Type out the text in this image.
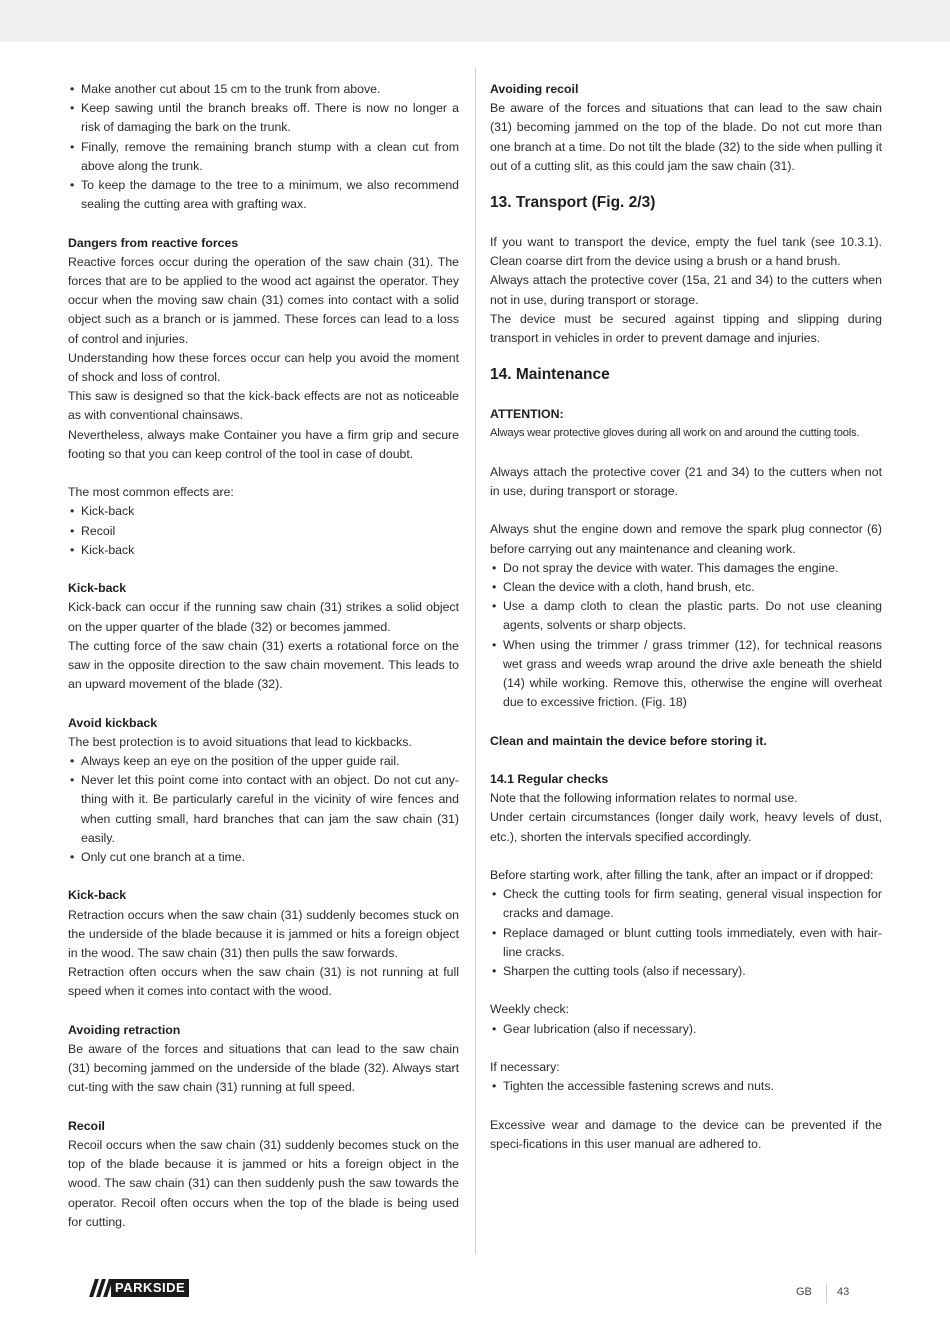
• Make another cut about 15 cm to the trunk from above.
• Keep sawing until the branch breaks off. There is now no longer a risk of damaging the bark on the trunk.
• Finally, remove the remaining branch stump with a clean cut from above along the trunk.
• To keep the damage to the tree to a minimum, we also recommend sealing the cutting area with grafting wax.

Dangers from reactive forces

Reactive forces occur during the operation of the saw chain (31). The forces that are to be applied to the wood act against the operator. They occur when the moving saw chain (31) comes into contact with a solid object such as a branch or is jammed. These forces can lead to a loss of control and injuries.

Understanding how these forces occur can help you avoid the moment of shock and loss of control.

This saw is designed so that the kick-back effects are not as noticeable as with conventional chainsaws.

Nevertheless, always make Container you have a firm grip and secure footing so that you can keep control of the tool in case of doubt.

The most common effects are:

• Kick-back
• Recoil
• Kick-back

Kick-back

Kick-back can occur if the running saw chain (31) strikes a solid object on the upper quarter of the blade (32) or becomes jammed.

The cutting force of the saw chain (31) exerts a rotational force on the saw in the opposite direction to the saw chain movement. This leads to an upward movement of the blade (32).

Avoid kickback

The best protection is to avoid situations that lead to kickbacks.

• Always keep an eye on the position of the upper guide rail.
• Never let this point come into contact with an object. Do not cut any-thing with it. Be particularly careful in the vicinity of wire fences and when cutting small, hard branches that can jam the saw chain (31) easily.
• Only cut one branch at a time.

Kick-back

Retraction occurs when the saw chain (31) suddenly becomes stuck on the underside of the blade because it is jammed or hits a foreign object in the wood. The saw chain (31) then pulls the saw forwards.

Retraction often occurs when the saw chain (31) is not running at full speed when it comes into contact with the wood.

Avoiding retraction

Be aware of the forces and situations that can lead to the saw chain (31) becoming jammed on the underside of the blade (32). Always start cut-ting with the saw chain (31) running at full speed.

Recoil

Recoil occurs when the saw chain (31) suddenly becomes stuck on the top of the blade because it is jammed or hits a foreign object in the wood. The saw chain (31) can then suddenly push the saw towards the operator. Recoil often occurs when the top of the blade is being used for cutting.

Avoiding recoil

Be aware of the forces and situations that can lead to the saw chain (31) becoming jammed on the top of the blade. Do not cut more than one branch at a time. Do not tilt the blade (32) to the side when pulling it out of a cutting slit, as this could jam the saw chain (31).

13. Transport (Fig. 2/3)

If you want to transport the device, empty the fuel tank (see 10.3.1). Clean coarse dirt from the device using a brush or a hand brush.

Always attach the protective cover (15a, 21 and 34) to the cutters when not in use, during transport or storage.

The device must be secured against tipping and slipping during transport in vehicles in order to prevent damage and injuries.

14. Maintenance

ATTENTION:

Always wear protective gloves during all work on and around the cutting tools.

Always attach the protective cover (21 and 34) to the cutters when not in use, during transport or storage.

Always shut the engine down and remove the spark plug connector (6) before carrying out any maintenance and cleaning work.

• Do not spray the device with water. This damages the engine.
• Clean the device with a cloth, hand brush, etc.
• Use a damp cloth to clean the plastic parts. Do not use cleaning agents, solvents or sharp objects.
• When using the trimmer / grass trimmer (12), for technical reasons wet grass and weeds wrap around the drive axle beneath the shield (14) while working. Remove this, otherwise the engine will overheat due to excessive friction. (Fig. 18)

Clean and maintain the device before storing it.

14.1 Regular checks

Note that the following information relates to normal use.

Under certain circumstances (longer daily work, heavy levels of dust, etc.), shorten the intervals specified accordingly.

Before starting work, after filling the tank, after an impact or if dropped:

• Check the cutting tools for firm seating, general visual inspection for cracks and damage.
• Replace damaged or blunt cutting tools immediately, even with hair-line cracks.
• Sharpen the cutting tools (also if necessary).

Weekly check:

• Gear lubrication (also if necessary).

If necessary:

• Tighten the accessible fastening screws and nuts.

Excessive wear and damage to the device can be prevented if the speci-fications in this user manual are adhered to.

PARKSIDE	GB 43
